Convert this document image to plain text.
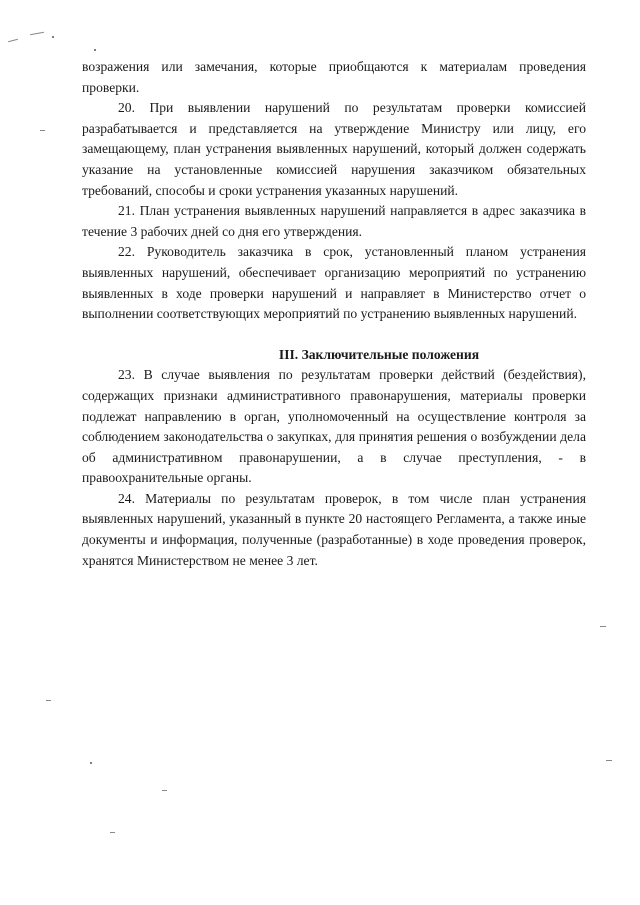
возражения или замечания, которые приобщаются к материалам проведения проверки.

20. При выявлении нарушений по результатам проверки комиссией разрабатывается и представляется на утверждение Министру или лицу, его замещающему, план устранения выявленных нарушений, который должен содержать указание на установленные комиссией нарушения заказчиком обязательных требований, способы и сроки устранения указанных нарушений.

21. План устранения выявленных нарушений направляется в адрес заказчика в течение 3 рабочих дней со дня его утверждения.

22. Руководитель заказчика в срок, установленный планом устранения выявленных нарушений, обеспечивает организацию мероприятий по устранению выявленных в ходе проверки нарушений и направляет в Министерство отчет о выполнении соответствующих мероприятий по устранению выявленных нарушений.

III. Заключительные положения

23. В случае выявления по результатам проверки действий (бездействия), содержащих признаки административного правонарушения, материалы проверки подлежат направлению в орган, уполномоченный на осуществление контроля за соблюдением законодательства о закупках, для принятия решения о возбуждении дела об административном правонарушении, а в случае преступления, - в правоохранительные органы.

24. Материалы по результатам проверок, в том числе план устранения выявленных нарушений, указанный в пункте 20 настоящего Регламента, а также иные документы и информация, полученные (разработанные) в ходе проведения проверок, хранятся Министерством не менее 3 лет.
